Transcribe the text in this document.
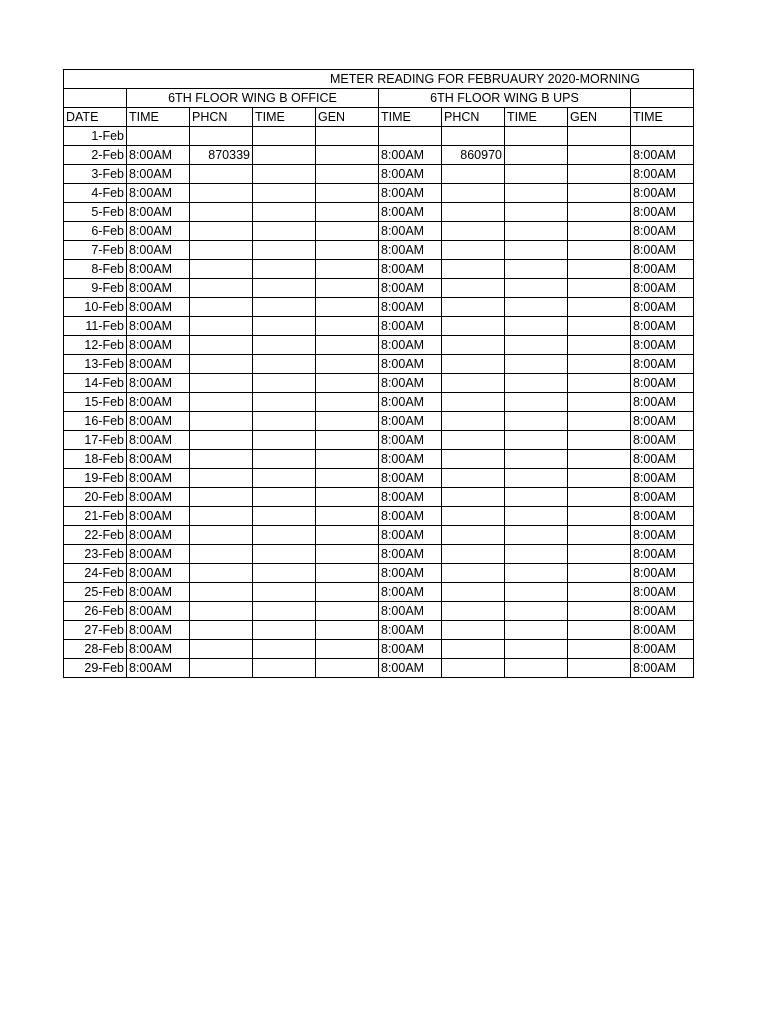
METER READING FOR FEBRUAURY 2020-MORNING									
	6TH FLOOR WING B OFFICE				6TH FLOOR WING B UPS				
DATE	TIME	PHCN	TIME	GEN	TIME	PHCN	TIME	GEN	TIME
1-Feb									
2-Feb	8:00AM	870339			8:00AM	860970			8:00AM
3-Feb	8:00AM				8:00AM				8:00AM
4-Feb	8:00AM				8:00AM				8:00AM
5-Feb	8:00AM				8:00AM				8:00AM
6-Feb	8:00AM				8:00AM				8:00AM
7-Feb	8:00AM				8:00AM				8:00AM
8-Feb	8:00AM				8:00AM				8:00AM
9-Feb	8:00AM				8:00AM				8:00AM
10-Feb	8:00AM				8:00AM				8:00AM
11-Feb	8:00AM				8:00AM				8:00AM
12-Feb	8:00AM				8:00AM				8:00AM
13-Feb	8:00AM				8:00AM				8:00AM
14-Feb	8:00AM				8:00AM				8:00AM
15-Feb	8:00AM				8:00AM				8:00AM
16-Feb	8:00AM				8:00AM				8:00AM
17-Feb	8:00AM				8:00AM				8:00AM
18-Feb	8:00AM				8:00AM				8:00AM
19-Feb	8:00AM				8:00AM				8:00AM
20-Feb	8:00AM				8:00AM				8:00AM
21-Feb	8:00AM				8:00AM				8:00AM
22-Feb	8:00AM				8:00AM				8:00AM
23-Feb	8:00AM				8:00AM				8:00AM
24-Feb	8:00AM				8:00AM				8:00AM
25-Feb	8:00AM				8:00AM				8:00AM
26-Feb	8:00AM				8:00AM				8:00AM
27-Feb	8:00AM				8:00AM				8:00AM
28-Feb	8:00AM				8:00AM				8:00AM
29-Feb	8:00AM				8:00AM				8:00AM
